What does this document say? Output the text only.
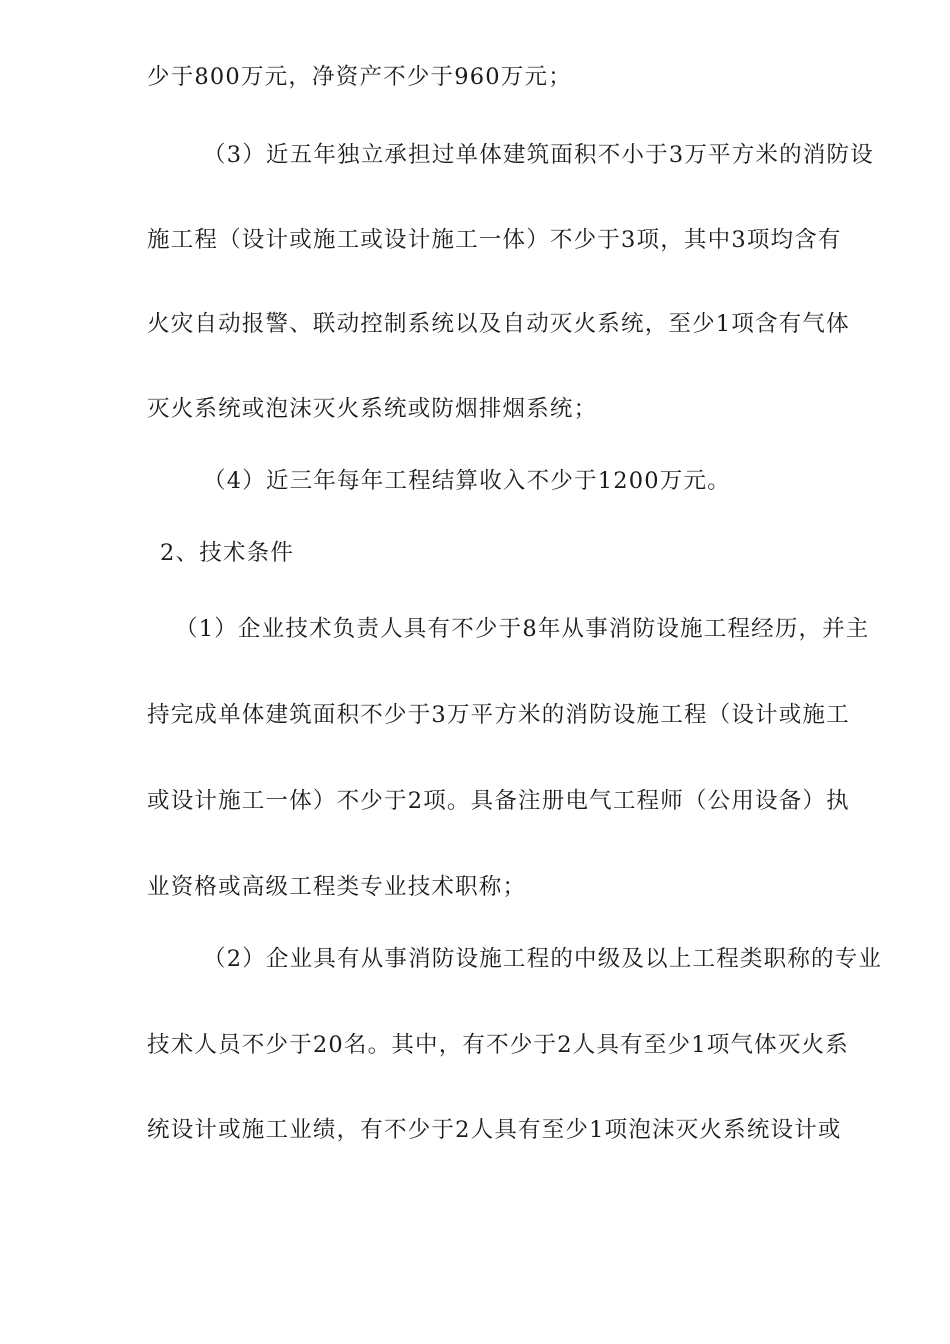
少于800万元，净资产不少于960万元；
（3）近五年独立承担过单体建筑面积不小于3万平方米的消防设
施工程（设计或施工或设计施工一体）不少于3项，其中3项均含有
火灾自动报警、联动控制系统以及自动灭火系统，至少1项含有气体
灭火系统或泡沫灭火系统或防烟排烟系统；
（4）近三年每年工程结算收入不少于1200万元。
2、技术条件
（1）企业技术负责人具有不少于8年从事消防设施工程经历，并主
持完成单体建筑面积不少于3万平方米的消防设施工程（设计或施工
或设计施工一体）不少于2项。具备注册电气工程师（公用设备）执
业资格或高级工程类专业技术职称；
（2）企业具有从事消防设施工程的中级及以上工程类职称的专业
技术人员不少于20名。其中，有不少于2人具有至少1项气体灭火系
统设计或施工业绩，有不少于2人具有至少1项泡沫灭火系统设计或
